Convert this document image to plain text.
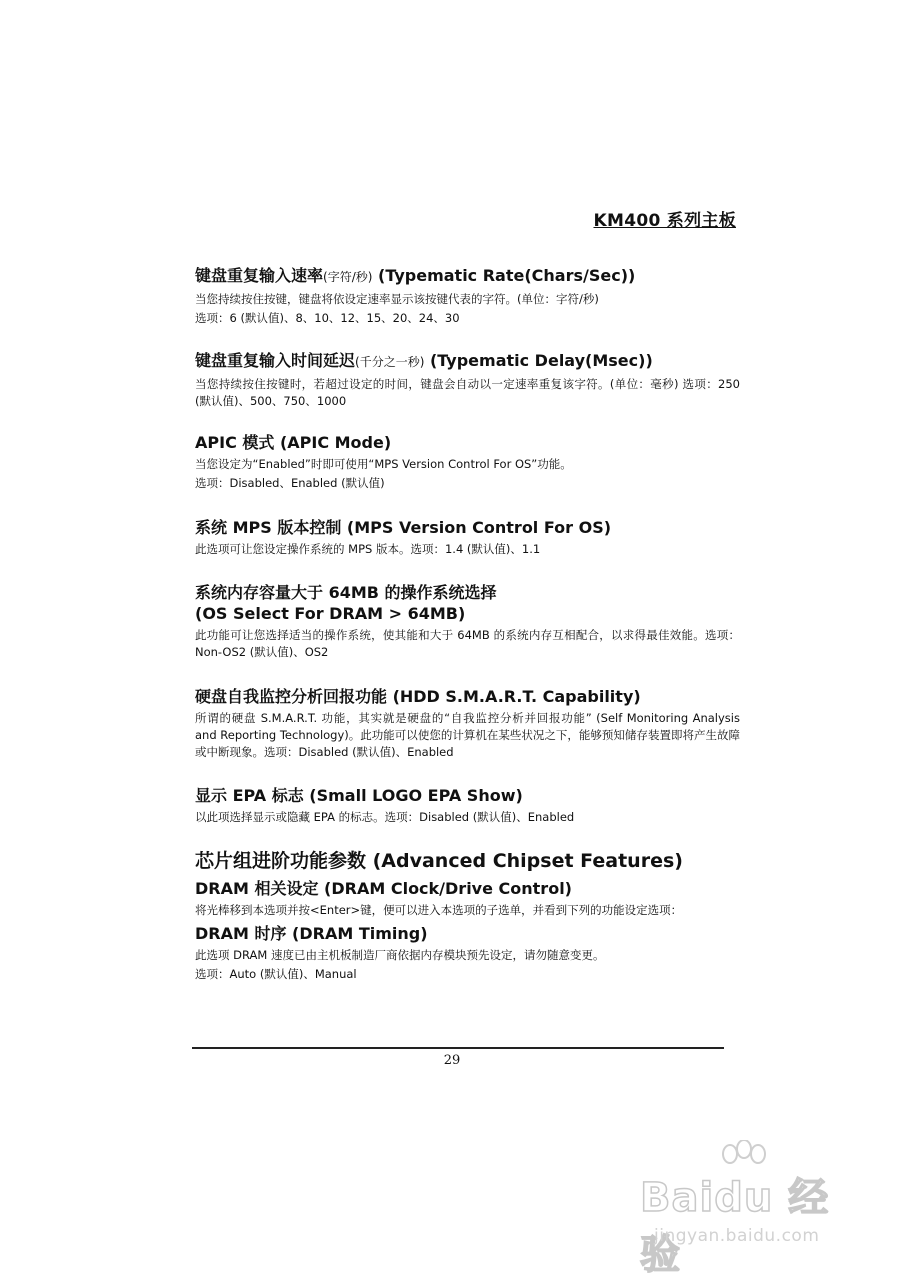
KM400 系列主板

键盘重复输入速率(字符/秒) (Typematic Rate(Chars/Sec))

当您持续按住按键，键盘将依设定速率显示该按键代表的字符。(单位：字符/秒)

选项：6 (默认值)、8、10、12、15、20、24、30

键盘重复输入时间延迟(千分之一秒) (Typematic Delay(Msec))

当您持续按住按键时，若超过设定的时间，键盘会自动以一定速率重复该字符。(单位：毫秒) 选项：250 (默认值)、500、750、1000

APIC 模式 (APIC Mode)

当您设定为“Enabled”时即可使用“MPS Version Control For OS”功能。

选项：Disabled、Enabled (默认值)

系统 MPS 版本控制 (MPS Version Control For OS)

此选项可让您设定操作系统的 MPS 版本。选项：1.4 (默认值)、1.1

系统内存容量大于 64MB 的操作系统选择

(OS Select For DRAM > 64MB)

此功能可让您选择适当的操作系统，使其能和大于 64MB 的系统内存互相配合，以求得最佳效能。选项：Non-OS2 (默认值)、OS2

硬盘自我监控分析回报功能 (HDD S.M.A.R.T. Capability)

所谓的硬盘 S.M.A.R.T. 功能，其实就是硬盘的“自我监控分析并回报功能” (Self Monitoring Analysis and Reporting Technology)。此功能可以使您的计算机在某些状况之下，能够预知储存装置即将产生故障或中断现象。选项：Disabled (默认值)、Enabled

显示 EPA 标志 (Small LOGO EPA Show)

以此项选择显示或隐藏 EPA 的标志。选项：Disabled (默认值)、Enabled

芯片组进阶功能参数 (Advanced Chipset Features)

DRAM 相关设定 (DRAM Clock/Drive Control)

将光棒移到本选项并按<Enter>键，便可以进入本选项的子选单，并看到下列的功能设定选项：

DRAM 时序 (DRAM Timing)

此选项 DRAM 速度已由主机板制造厂商依据内存模块预先设定，请勿随意变更。

选项：Auto (默认值)、Manual

29
Baidu 经验
jingyan.baidu.com
